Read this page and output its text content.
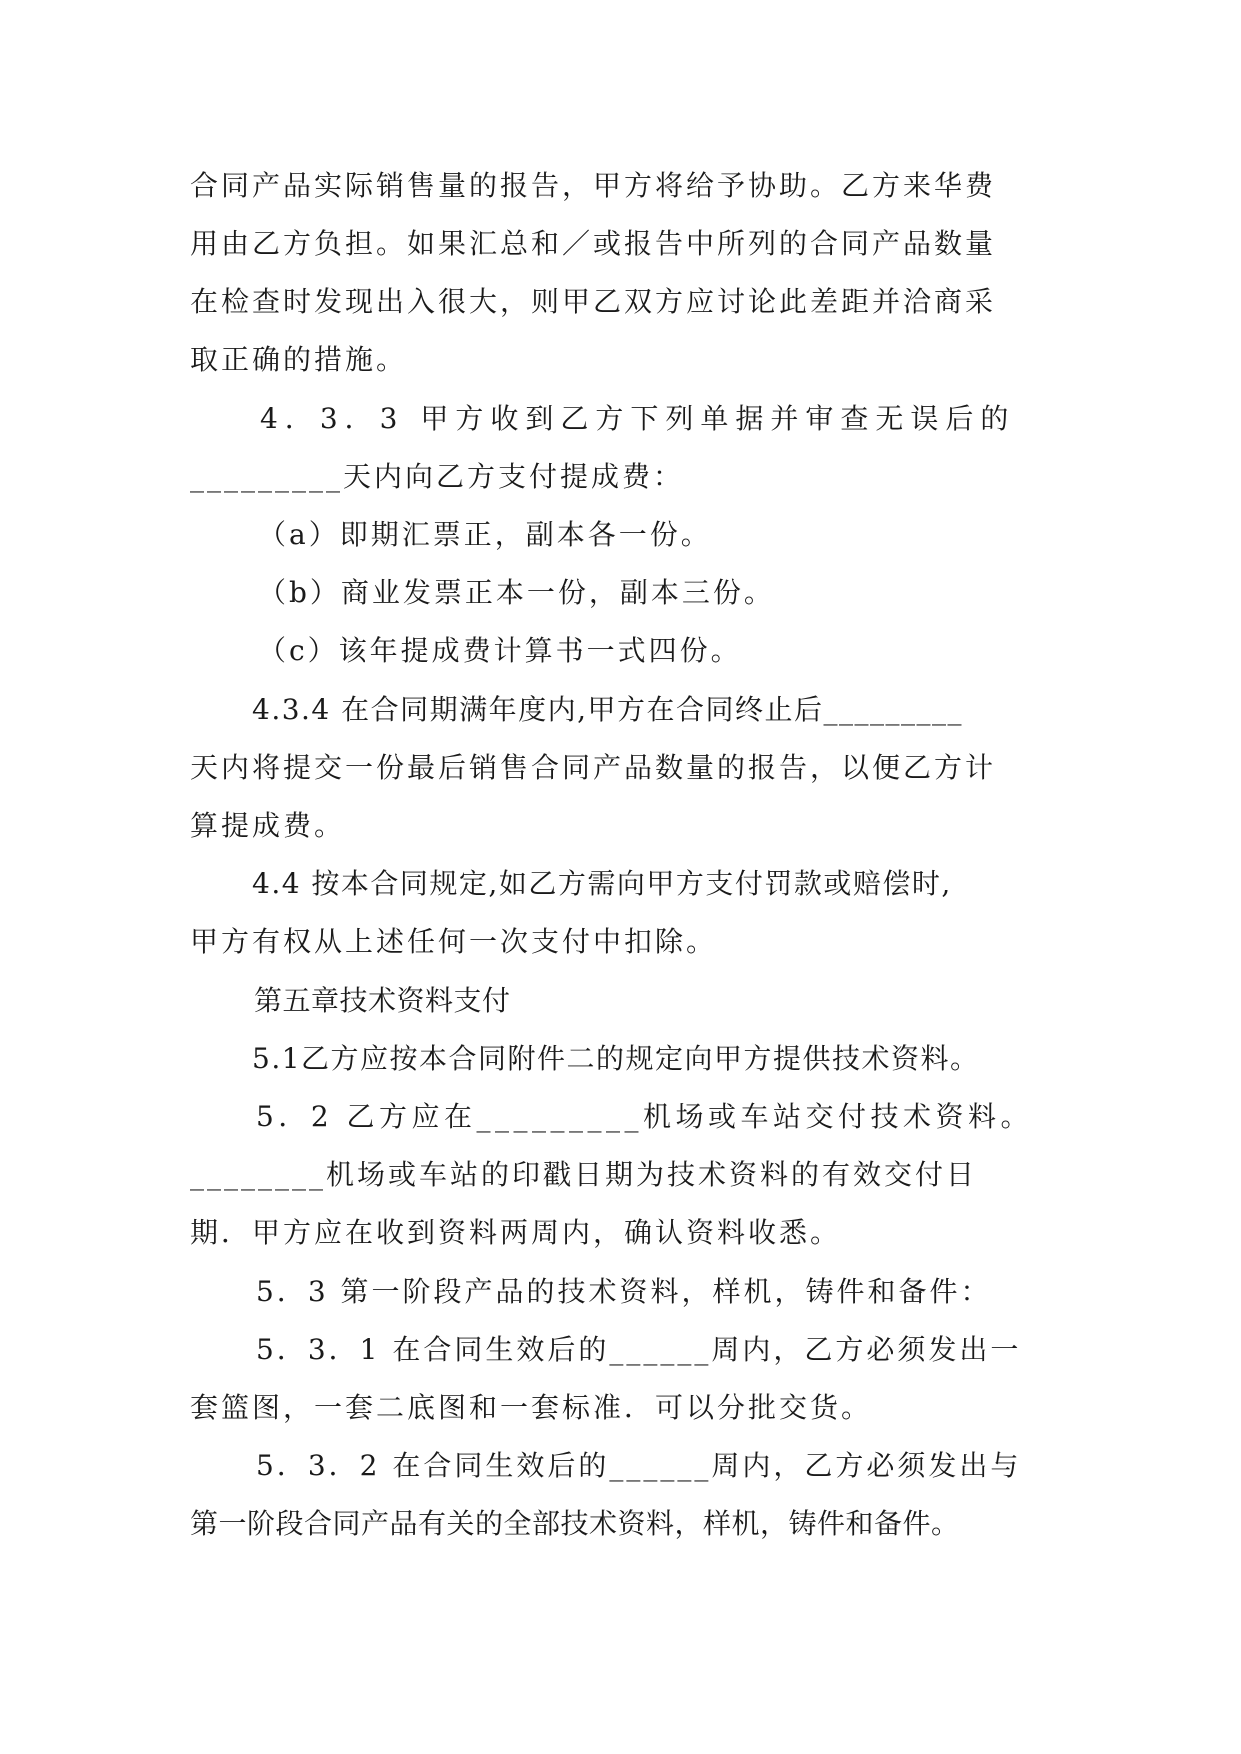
合同产品实际销售量的报告，甲方将给予协助。乙方来华费
用由乙方负担。如果汇总和／或报告中所列的合同产品数量
在检查时发现出入很大，则甲乙双方应讨论此差距并洽商采
取正确的措施。
4．3．3 甲方收到乙方下列单据并审查无误后的
_________天内向乙方支付提成费：
（a）即期汇票正，副本各一份。
（b）商业发票正本一份，副本三份。
（c）该年提成费计算书一式四份。
4.3.4 在合同期满年度内,甲方在合同终止后_________
天内将提交一份最后销售合同产品数量的报告，以便乙方计
算提成费。
4.4 按本合同规定,如乙方需向甲方支付罚款或赔偿时,
甲方有权从上述任何一次支付中扣除。
第五章技术资料支付
5.1乙方应按本合同附件二的规定向甲方提供技术资料。
5．2 乙方应在_________机场或车站交付技术资料。
________机场或车站的印戳日期为技术资料的有效交付日
期．甲方应在收到资料两周内，确认资料收悉。
5．3 第一阶段产品的技术资料，样机，铸件和备件：
5．3．1 在合同生效后的______周内，乙方必须发出一
套篮图，一套二底图和一套标准．可以分批交货。
5．3．2 在合同生效后的______周内，乙方必须发出与
第一阶段合同产品有关的全部技术资料，样机，铸件和备件。
